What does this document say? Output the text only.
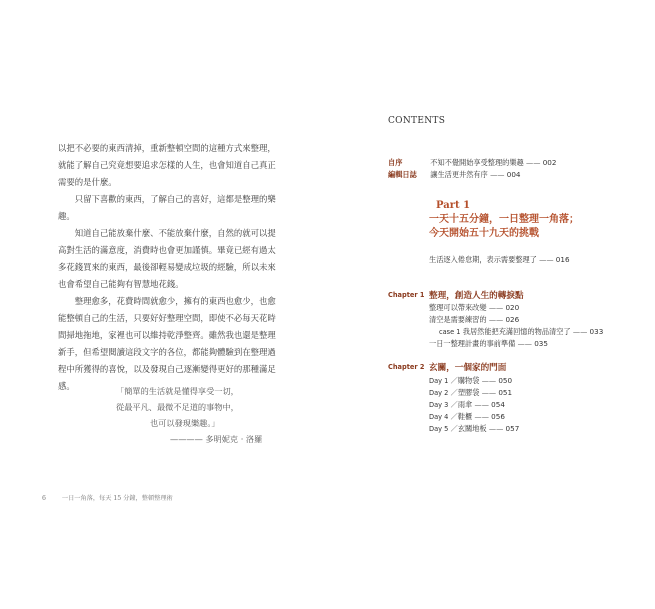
以把不必要的東西清掉，重新整頓空間的這種方式來整理，就能了解自己究竟想要追求怎樣的人生，也會知道自己真正需要的是什麼。

只留下喜歡的東西，了解自己的喜好，這都是整理的樂趣。

知道自己能放棄什麼、不能放棄什麼，自然的就可以提高對生活的滿意度，消費時也會更加謹慎。畢竟已經有過太多花錢買來的東西，最後卻輕易變成垃圾的經驗，所以未來也會希望自己能夠有智慧地花錢。

整理愈多，花費時間就愈少，擁有的東西也愈少，也愈能整頓自己的生活，只要好好整理空間，即使不必每天花時間掃地拖地，家裡也可以維持乾淨整齊。雖然我也還是整理新手，但希望閱讀這段文字的各位，都能夠體驗到在整理過程中所獲得的喜悅，以及發現自己逐漸變得更好的那種滿足感。	「簡單的生活就是懂得享受一切，
從最平凡、最微不足道的事物中，
也可以發現樂趣。」
———— 多明妮克 · 洛羅
6	一日一角落，每天 15 分鐘，整頓整理術
CONTENTS
自序	不知不覺開始享受整理的樂趣 —— 002
編輯日誌 讓生活更井然有序 —— 004
Part 1
一天十五分鐘，一日整理一角落；
今天開始五十九天的挑戰
生活逐入倦怠期，表示需要整理了 —— 016
Chapter 1 整理，創造人生的轉捩點
整理可以帶來改變 —— 020
清空是需要練習的 —— 026
case 1 我居然能把充滿回憶的物品清空了 —— 033
一日一整理計畫的事前準備 —— 035
Chapter 2 玄關，一個家的門面
Day 1 ／購物袋 —— 050
Day 2 ／塑膠袋 —— 051
Day 3 ／雨傘 —— 054
Day 4 ／鞋櫃 —— 056
Day 5 ／玄關地板 —— 057
